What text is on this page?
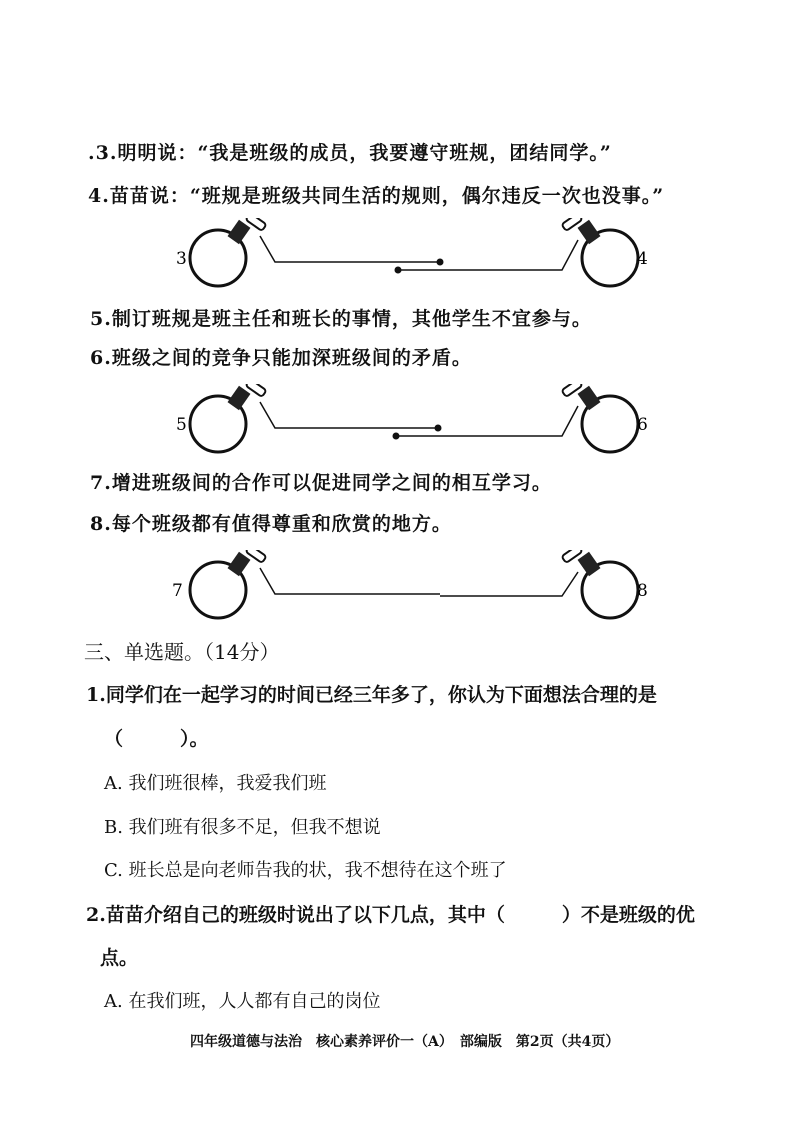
.3.明明说：“我是班级的成员，我要遵守班规，团结同学。”
4.苗苗说：“班规是班级共同生活的规则，偶尔违反一次也没事。”
3	4
5.制订班规是班主任和班长的事情，其他学生不宜参与。
6.班级之间的竞争只能加深班级间的矛盾。
5	6
7.增进班级间的合作可以促进同学之间的相互学习。
8.每个班级都有值得尊重和欣赏的地方。
7	8
三、单选题。（14分）
1.同学们在一起学习的时间已经三年多了，你认为下面想法合理的是
（　　　）。
A. 我们班很棒，我爱我们班
B. 我们班有很多不足，但我不想说
C. 班长总是向老师告我的状，我不想待在这个班了
2.苗苗介绍自己的班级时说出了以下几点，其中（　　　）不是班级的优
点。
A. 在我们班，人人都有自己的岗位
四年级道德与法治　核心素养评价一（A）　部编版　第2页（共4页）
